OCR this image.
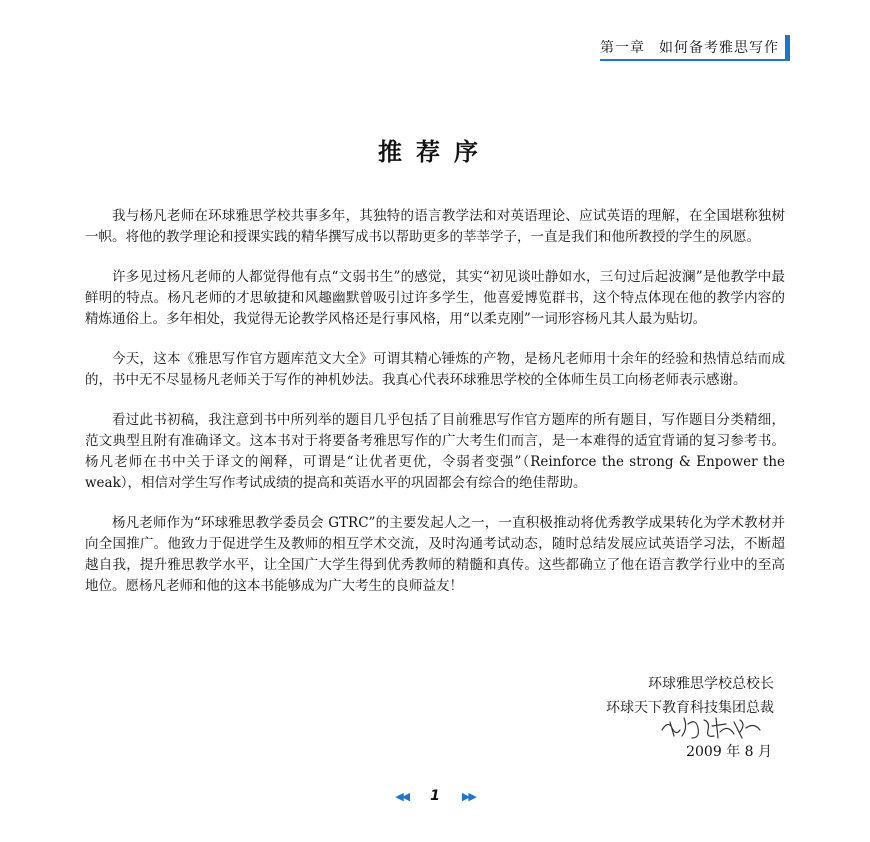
第一章 如何备考雅思写作
推荐序

我与杨凡老师在环球雅思学校共事多年，其独特的语言教学法和对英语理论、应试英语的理解，在全国堪称独树一帜。将他的教学理论和授课实践的精华撰写成书以帮助更多的莘莘学子，一直是我们和他所教授的学生的夙愿。

许多见过杨凡老师的人都觉得他有点“文弱书生”的感觉，其实“初见谈吐静如水，三句过后起波澜”是他教学中最鲜明的特点。杨凡老师的才思敏捷和风趣幽默曾吸引过许多学生，他喜爱博览群书，这个特点体现在他的教学内容的精炼通俗上。多年相处，我觉得无论教学风格还是行事风格，用“以柔克刚”一词形容杨凡其人最为贴切。

今天，这本《雅思写作官方题库范文大全》可谓其精心锤炼的产物，是杨凡老师用十余年的经验和热情总结而成的，书中无不尽显杨凡老师关于写作的神机妙法。我真心代表环球雅思学校的全体师生员工向杨老师表示感谢。

看过此书初稿，我注意到书中所列举的题目几乎包括了目前雅思写作官方题库的所有题目，写作题目分类精细，范文典型且附有准确译文。这本书对于将要备考雅思写作的广大考生们而言，是一本难得的适宜背诵的复习参考书。杨凡老师在书中关于译文的阐释，可谓是“让优者更优，令弱者变强”（Reinforce the strong & Enpower the weak），相信对学生写作考试成绩的提高和英语水平的巩固都会有综合的绝佳帮助。

杨凡老师作为“环球雅思教学委员会 GTRC”的主要发起人之一，一直积极推动将优秀教学成果转化为学术教材并向全国推广。他致力于促进学生及教师的相互学术交流，及时沟通考试动态，随时总结发展应试英语学习法，不断超越自我，提升雅思教学水平，让全国广大学生得到优秀教师的精髓和真传。这些都确立了他在语言教学行业中的至高地位。愿杨凡老师和他的这本书能够成为广大考生的良师益友！

环球雅思学校总校长
环球天下教育科技集团总裁
2009 年 8 月
◀◀ 1 ▶▶
